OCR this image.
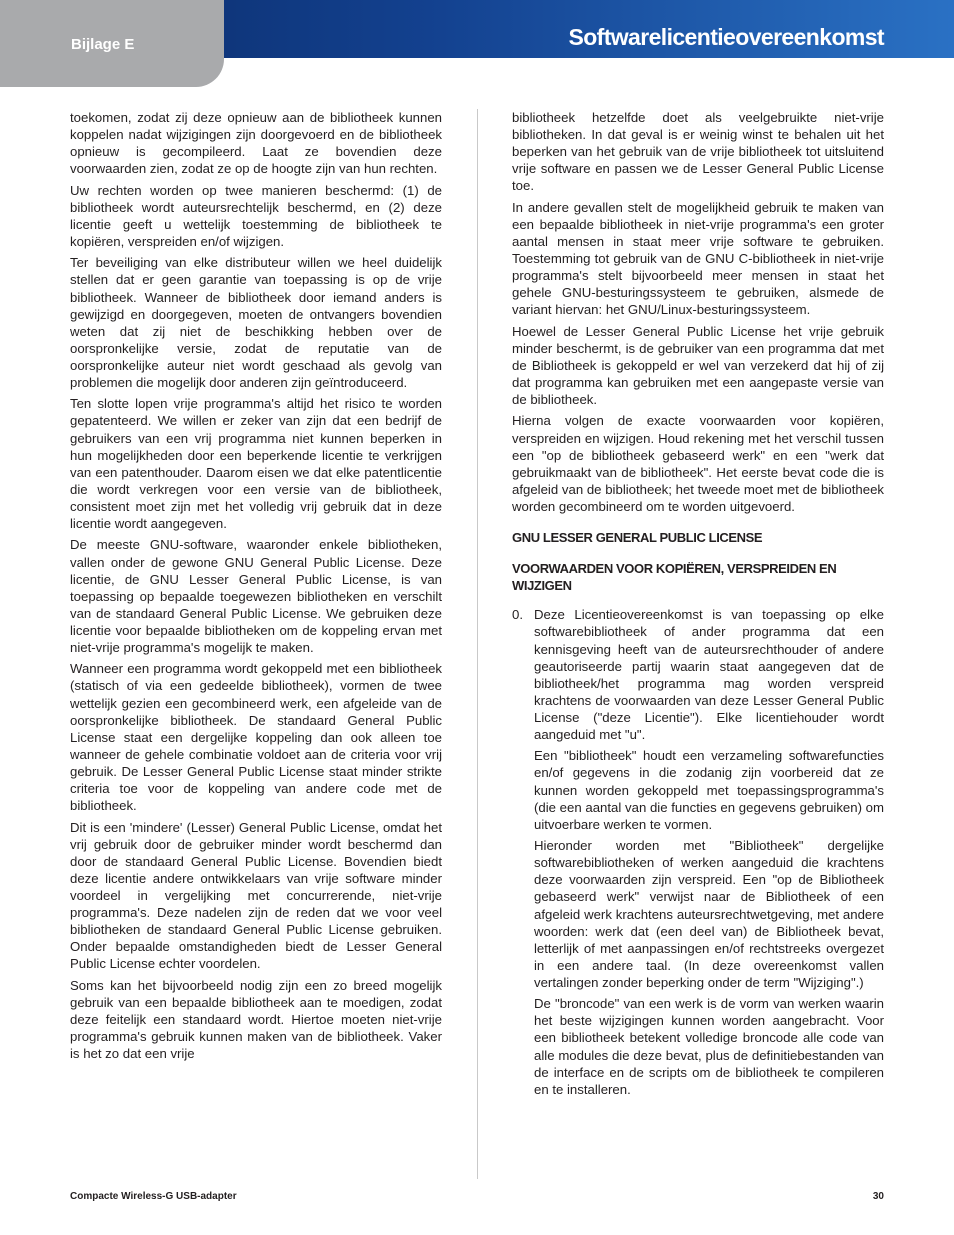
Bijlage E	Softwarelicentieovereenkomst

toekomen, zodat zij deze opnieuw aan de bibliotheek kunnen koppelen nadat wijzigingen zijn doorgevoerd en de bibliotheek opnieuw is gecompileerd. Laat ze bovendien deze voorwaarden zien, zodat ze op de hoogte zijn van hun rechten.

Uw rechten worden op twee manieren beschermd: (1) de bibliotheek wordt auteursrechtelijk beschermd, en (2) deze licentie geeft u wettelijk toestemming de bibliotheek te kopiëren, verspreiden en/of wijzigen.

Ter beveiliging van elke distributeur willen we heel duidelijk stellen dat er geen garantie van toepassing is op de vrije bibliotheek. Wanneer de bibliotheek door iemand anders is gewijzigd en doorgegeven, moeten de ontvangers bovendien weten dat zij niet de beschikking hebben over de oorspronkelijke versie, zodat de reputatie van de oorspronkelijke auteur niet wordt geschaad als gevolg van problemen die mogelijk door anderen zijn geïntroduceerd.

Ten slotte lopen vrije programma's altijd het risico te worden gepatenteerd. We willen er zeker van zijn dat een bedrijf de gebruikers van een vrij programma niet kunnen beperken in hun mogelijkheden door een beperkende licentie te verkrijgen van een patenthouder. Daarom eisen we dat elke patentlicentie die wordt verkregen voor een versie van de bibliotheek, consistent moet zijn met het volledig vrij gebruik dat in deze licentie wordt aangegeven.

De meeste GNU-software, waaronder enkele bibliotheken, vallen onder de gewone GNU General Public License. Deze licentie, de GNU Lesser General Public License, is van toepassing op bepaalde toegewezen bibliotheken en verschilt van de standaard General Public License. We gebruiken deze licentie voor bepaalde bibliotheken om de koppeling ervan met niet-vrije programma's mogelijk te maken.

Wanneer een programma wordt gekoppeld met een bibliotheek (statisch of via een gedeelde bibliotheek), vormen de twee wettelijk gezien een gecombineerd werk, een afgeleide van de oorspronkelijke bibliotheek. De standaard General Public License staat een dergelijke koppeling dan ook alleen toe wanneer de gehele combinatie voldoet aan de criteria voor vrij gebruik. De Lesser General Public License staat minder strikte criteria toe voor de koppeling van andere code met de bibliotheek.

Dit is een 'mindere' (Lesser) General Public License, omdat het vrij gebruik door de gebruiker minder wordt beschermd dan door de standaard General Public License. Bovendien biedt deze licentie andere ontwikkelaars van vrije software minder voordeel in vergelijking met concurrerende, niet-vrije programma's. Deze nadelen zijn de reden dat we voor veel bibliotheken de standaard General Public License gebruiken. Onder bepaalde omstandigheden biedt de Lesser General Public License echter voordelen.

Soms kan het bijvoorbeeld nodig zijn een zo breed mogelijk gebruik van een bepaalde bibliotheek aan te moedigen, zodat deze feitelijk een standaard wordt. Hiertoe moeten niet-vrije programma's gebruik kunnen maken van de bibliotheek. Vaker is het zo dat een vrije

bibliotheek hetzelfde doet als veelgebruikte niet-vrije bibliotheken. In dat geval is er weinig winst te behalen uit het beperken van het gebruik van de vrije bibliotheek tot uitsluitend vrije software en passen we de Lesser General Public License toe.

In andere gevallen stelt de mogelijkheid gebruik te maken van een bepaalde bibliotheek in niet-vrije programma's een groter aantal mensen in staat meer vrije software te gebruiken. Toestemming tot gebruik van de GNU C-bibliotheek in niet-vrije programma's stelt bijvoorbeeld meer mensen in staat het gehele GNU-besturingssysteem te gebruiken, alsmede de variant hiervan: het GNU/Linux-besturingssysteem.

Hoewel de Lesser General Public License het vrije gebruik minder beschermt, is de gebruiker van een programma dat met de Bibliotheek is gekoppeld er wel van verzekerd dat hij of zij dat programma kan gebruiken met een aangepaste versie van de bibliotheek.

Hierna volgen de exacte voorwaarden voor kopiëren, verspreiden en wijzigen. Houd rekening met het verschil tussen een "op de bibliotheek gebaseerd werk" en een "werk dat gebruikmaakt van de bibliotheek". Het eerste bevat code die is afgeleid van de bibliotheek; het tweede moet met de bibliotheek worden gecombineerd om te worden uitgevoerd.

GNU LESSER GENERAL PUBLIC LICENSE
VOORWAARDEN VOOR KOPIËREN, VERSPREIDEN EN WIJZIGEN
0. Deze Licentieovereenkomst is van toepassing op elke softwarebibliotheek of ander programma dat een kennisgeving heeft van de auteursrechthouder of andere geautoriseerde partij waarin staat aangegeven dat de bibliotheek/het programma mag worden verspreid krachtens de voorwaarden van deze Lesser General Public License ("deze Licentie"). Elke licentiehouder wordt aangeduid met "u".

Een "bibliotheek" houdt een verzameling softwarefuncties en/of gegevens in die zodanig zijn voorbereid dat ze kunnen worden gekoppeld met toepassingsprogramma's (die een aantal van die functies en gegevens gebruiken) om uitvoerbare werken te vormen.

Hieronder worden met "Bibliotheek" dergelijke softwarebibliotheken of werken aangeduid die krachtens deze voorwaarden zijn verspreid. Een "op de Bibliotheek gebaseerd werk" verwijst naar de Bibliotheek of een afgeleid werk krachtens auteursrechtwetgeving, met andere woorden: werk dat (een deel van) de Bibliotheek bevat, letterlijk of met aanpassingen en/of rechtstreeks overgezet in een andere taal. (In deze overeenkomst vallen vertalingen zonder beperking onder de term "Wijziging".)

De "broncode" van een werk is de vorm van werken waarin het beste wijzigingen kunnen worden aangebracht. Voor een bibliotheek betekent volledige broncode alle code van alle modules die deze bevat, plus de definitiebestanden van de interface en de scripts om de bibliotheek te compileren en te installeren.

Compacte Wireless-G USB-adapter	30
